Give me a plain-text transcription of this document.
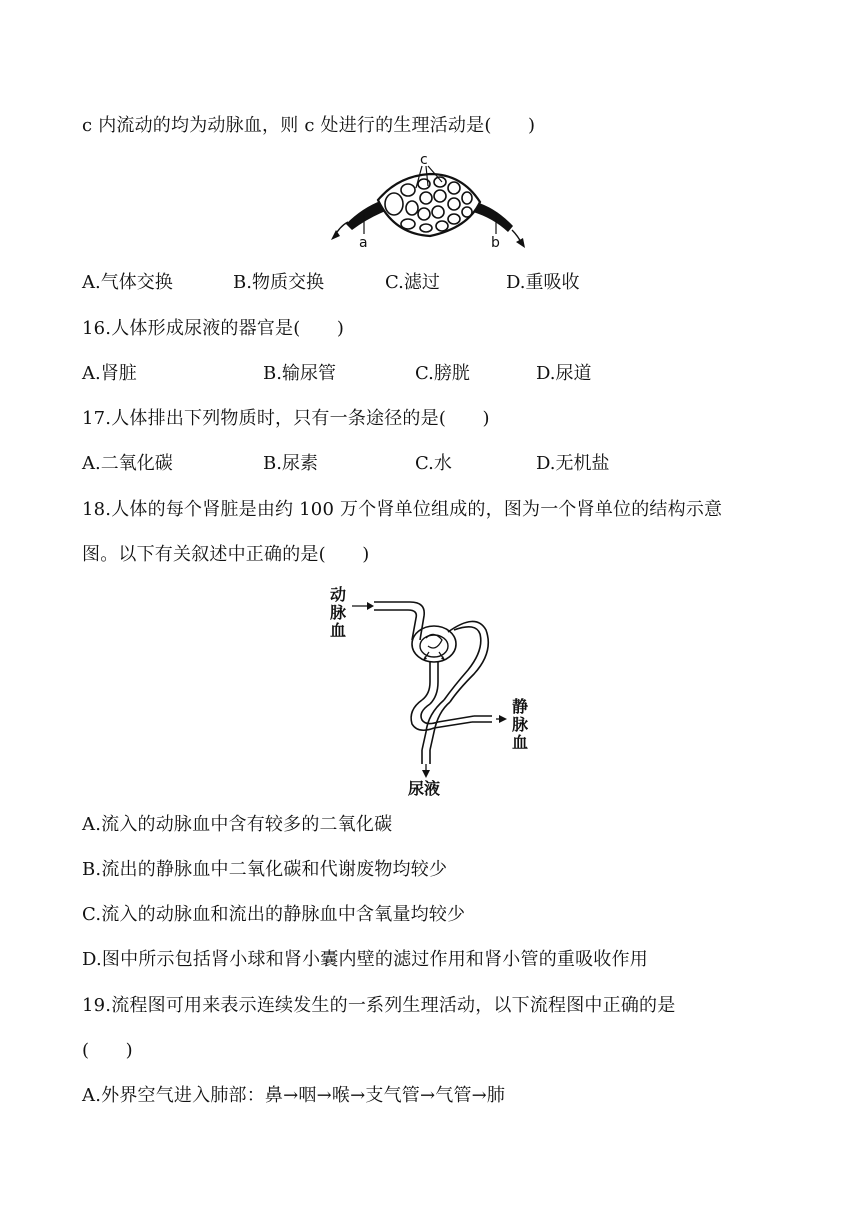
c 内流动的均为动脉血，则 c 处进行的生理活动是(　　)
c
a	b
A.气体交换	B.物质交换	C.滤过	D.重吸收
16.人体形成尿液的器官是(　　)
A.肾脏	B.输尿管	C.膀胱	D.尿道
17.人体排出下列物质时，只有一条途径的是(　　)
A.二氧化碳	B.尿素	C.水	D.无机盐
18.人体的每个肾脏是由约 100 万个肾单位组成的，图为一个肾单位的结构示意
图。以下有关叙述中正确的是(　　)
动脉血
静脉血
尿液
A.流入的动脉血中含有较多的二氧化碳
B.流出的静脉血中二氧化碳和代谢废物均较少
C.流入的动脉血和流出的静脉血中含氧量均较少
D.图中所示包括肾小球和肾小囊内壁的滤过作用和肾小管的重吸收作用
19.流程图可用来表示连续发生的一系列生理活动，以下流程图中正确的是
(　　)
A.外界空气进入肺部：鼻→咽→喉→支气管→气管→肺
